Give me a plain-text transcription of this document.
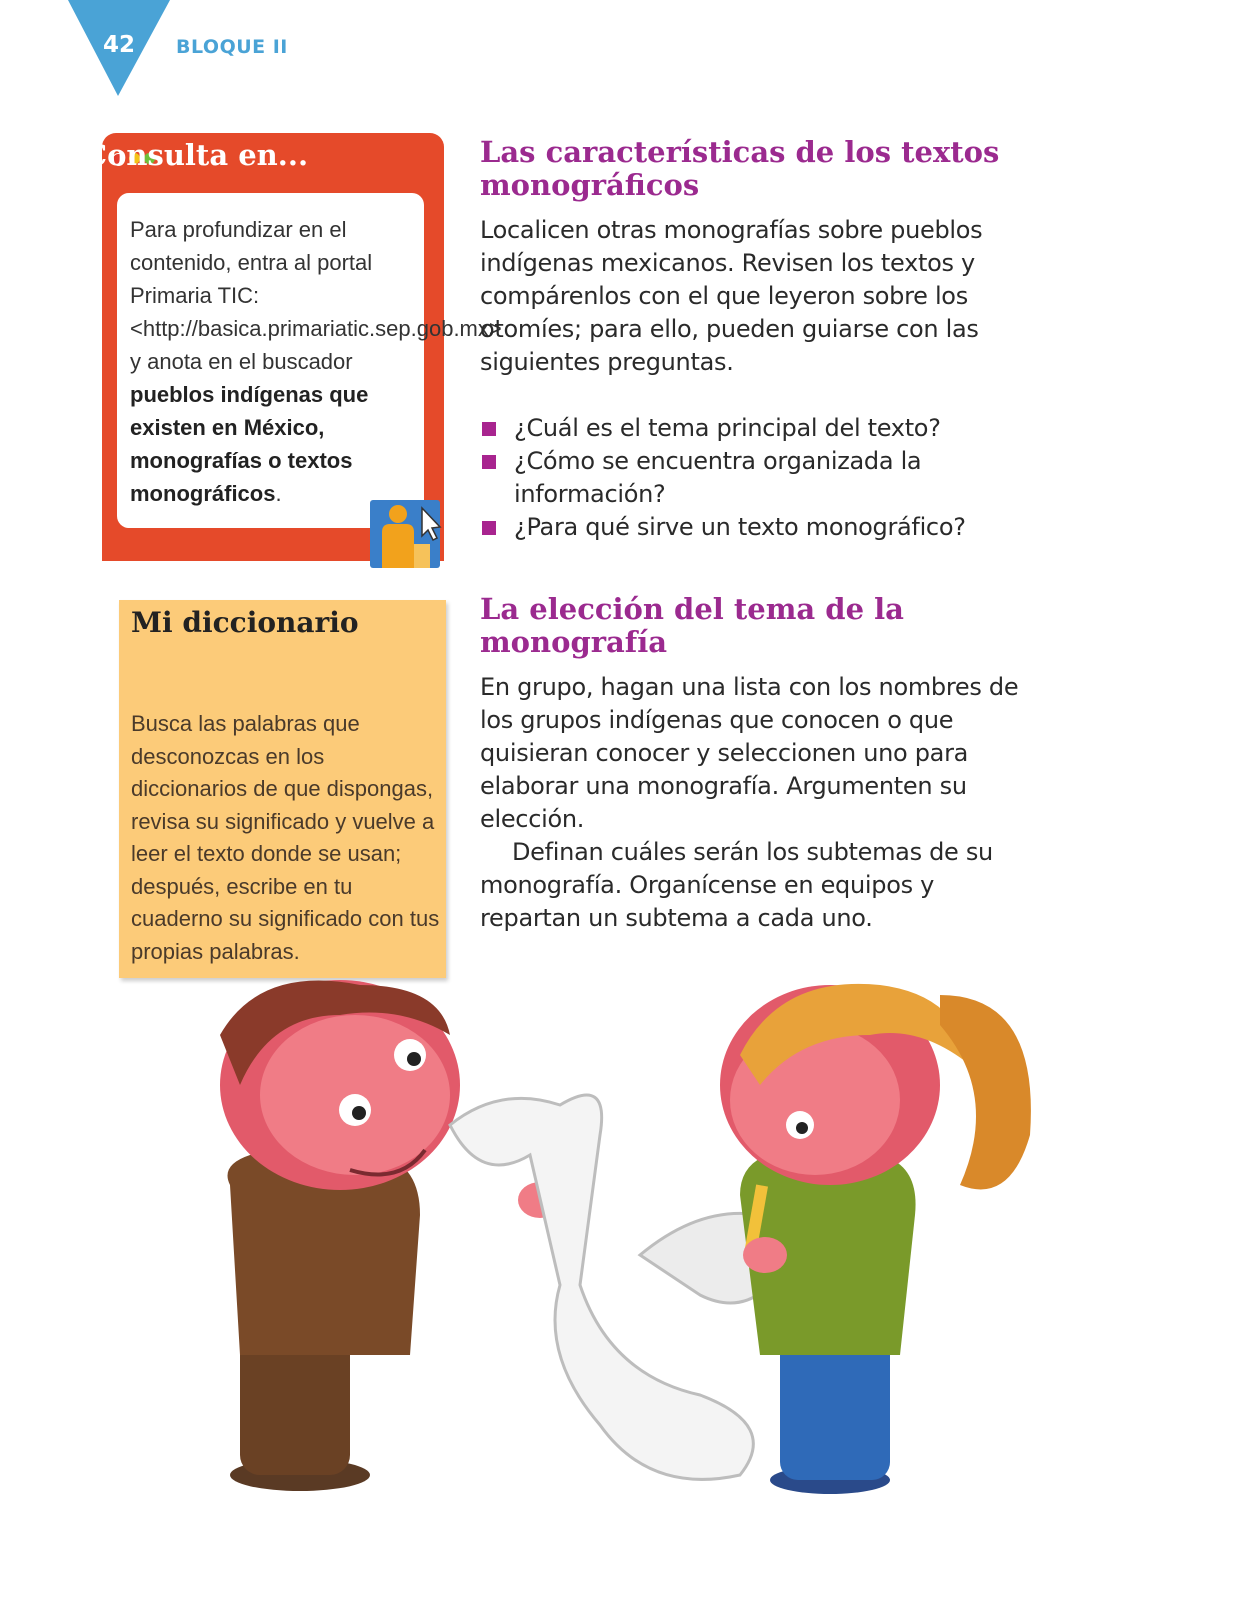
42	BLOQUE II
Consulta en...
Para profundizar en el contenido, entra al portal Primaria TIC: <http://basica.primariatic.sep.gob.mx> y anota en el buscador pueblos indígenas que existen en México, monografías o textos monográficos.
Mi diccionario
Busca las palabras que desconozcas en los diccionarios de que dispongas, revisa su significado y vuelve a leer el texto donde se usan; después, escribe en tu cuaderno su significado con tus propias palabras.
Las características de los textos monográficos
Localicen otras monografías sobre pueblos indígenas mexicanos. Revisen los textos y compárenlos con el que leyeron sobre los otomíes; para ello, pueden guiarse con las siguientes preguntas.
¿Cuál es el tema principal del texto?
¿Cómo se encuentra organizada la información?
¿Para qué sirve un texto monográfico?
La elección del tema de la monografía
En grupo, hagan una lista con los nombres de los grupos indígenas que conocen o que quisieran conocer y seleccionen uno para elaborar una monografía. Argumenten su elección.
Definan cuáles serán los subtemas de su monografía. Organícense en equipos y repartan un subtema a cada uno.
